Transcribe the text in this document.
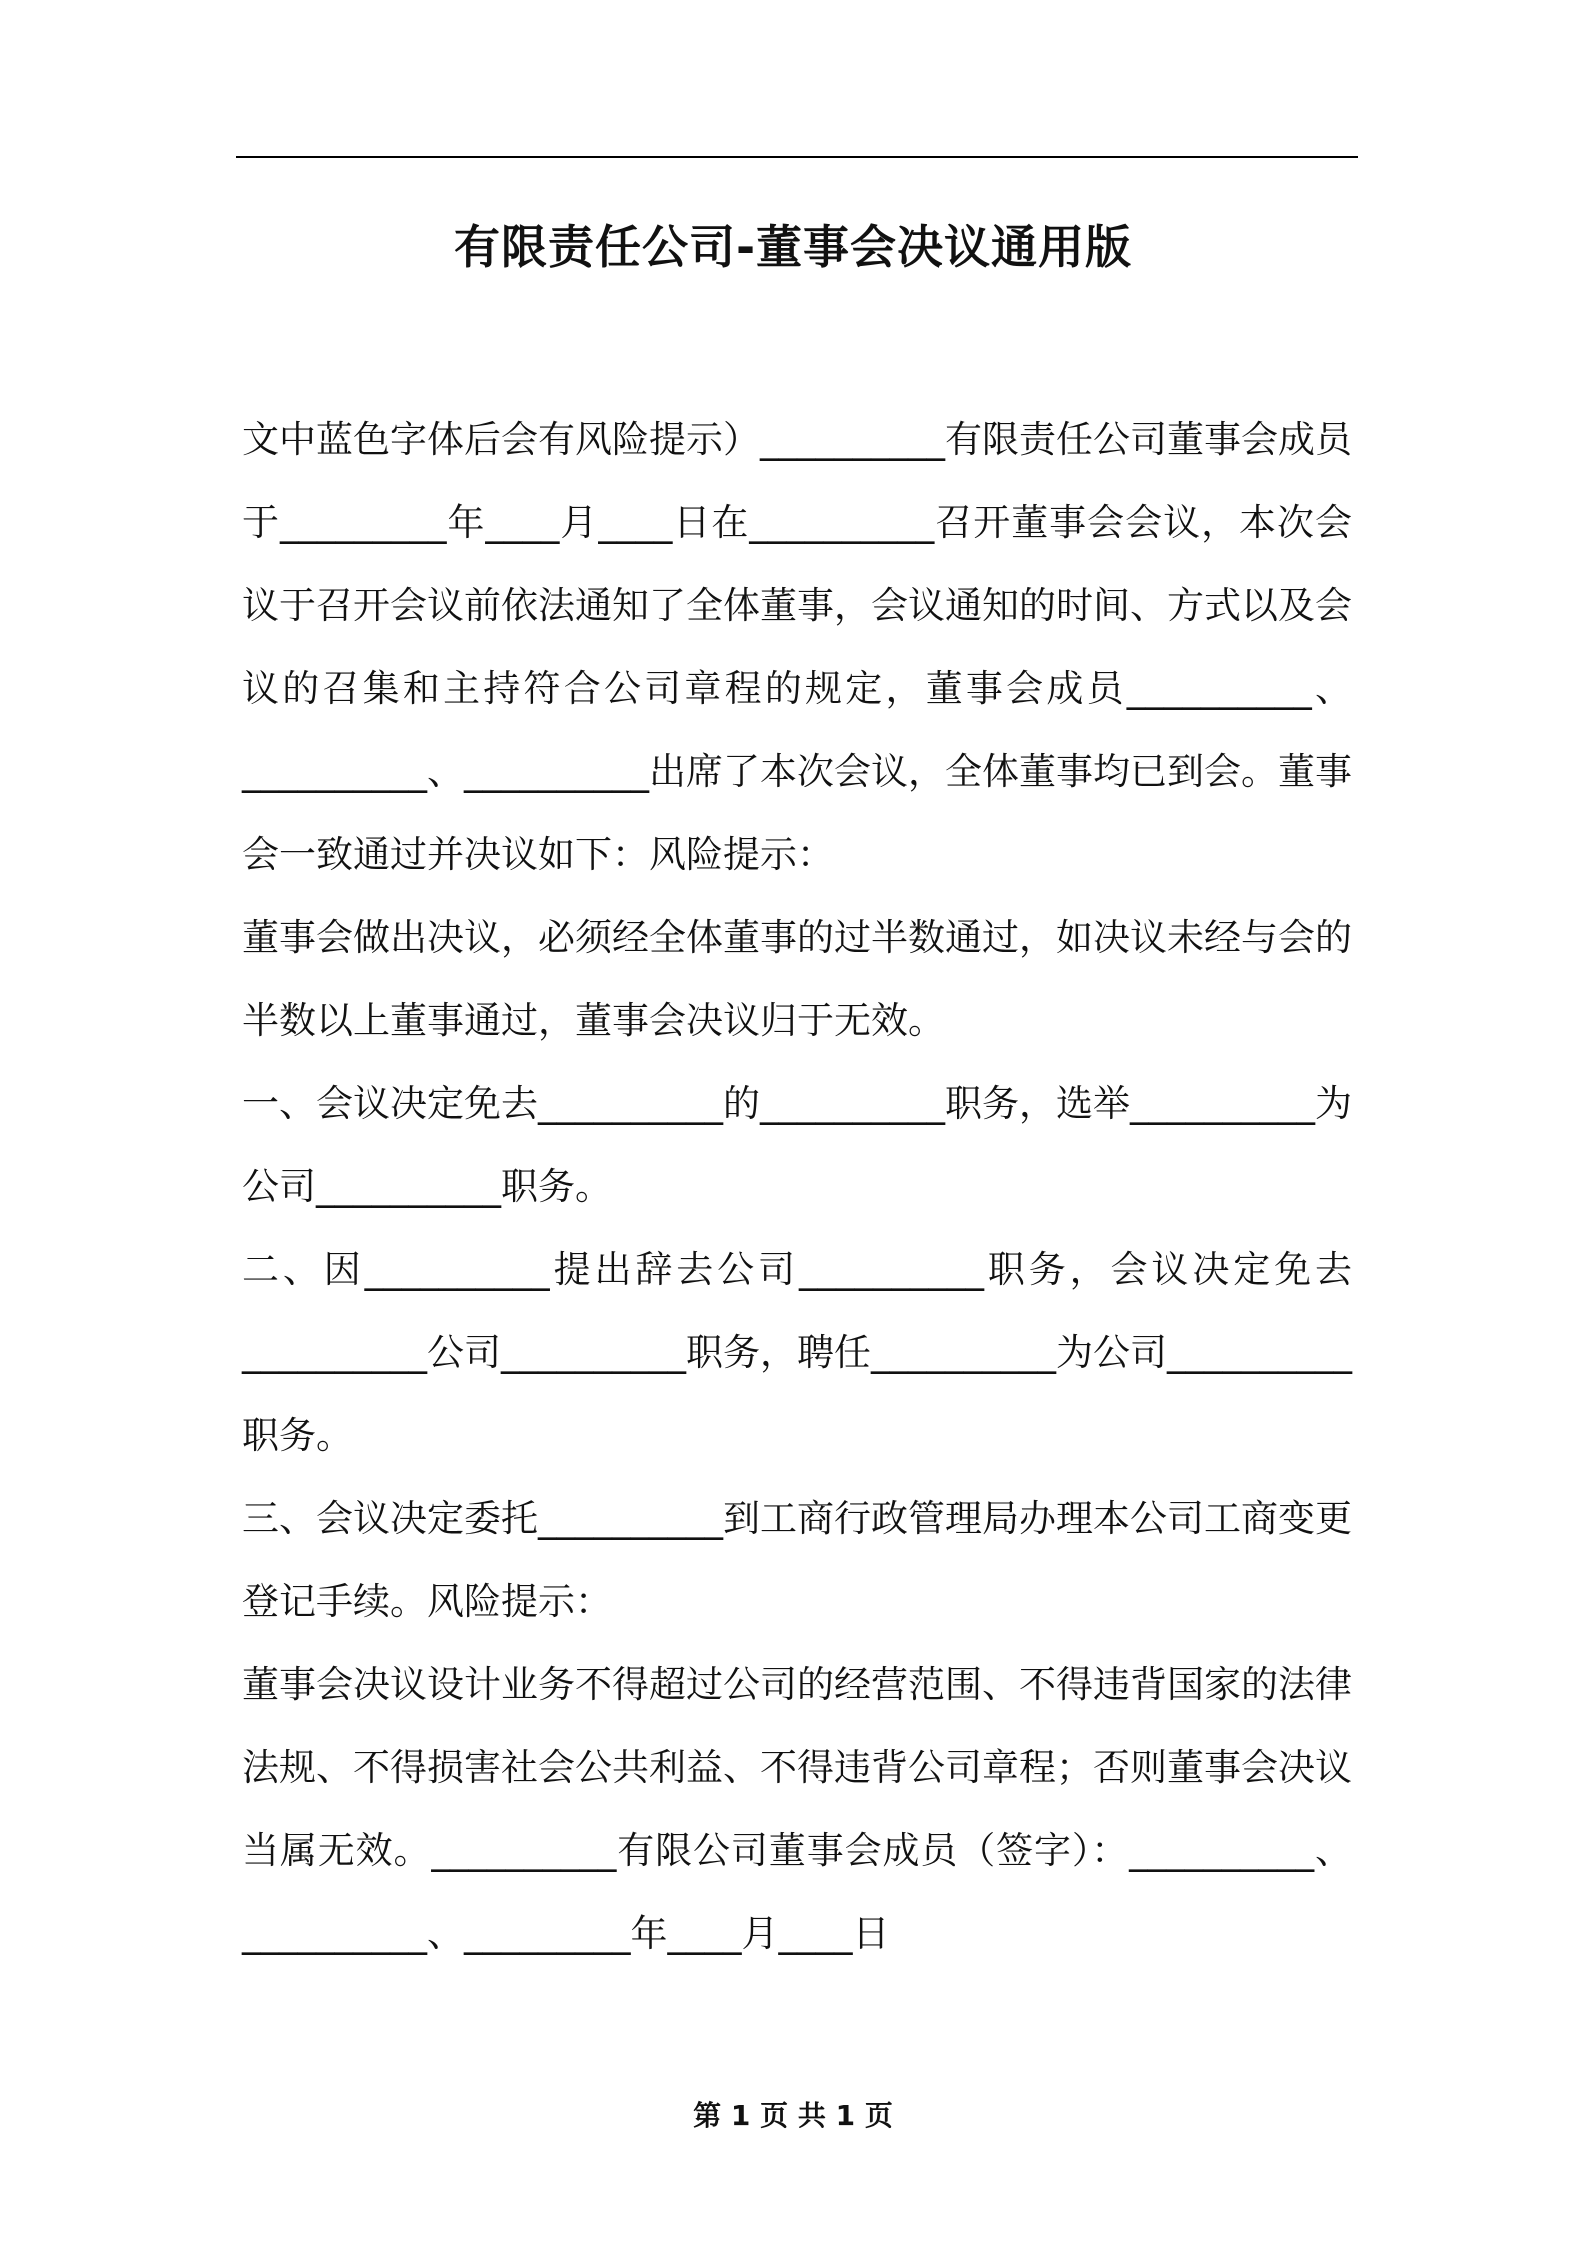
有限责任公司-董事会决议通用版

文中蓝色字体后会有风险提示）__________有限责任公司董事会成员于_________年____月____日在__________召开董事会会议，本次会议于召开会议前依法通知了全体董事，会议通知的时间、方式以及会议的召集和主持符合公司章程的规定，董事会成员__________、__________、__________出席了本次会议，全体董事均已到会。董事会一致通过并决议如下：风险提示：

董事会做出决议，必须经全体董事的过半数通过，如决议未经与会的半数以上董事通过，董事会决议归于无效。

一、会议决定免去__________的__________职务，选举__________为公司__________职务。

二、因__________提出辞去公司__________职务，会议决定免去__________公司__________职务，聘任__________为公司__________职务。

三、会议决定委托__________到工商行政管理局办理本公司工商变更登记手续。风险提示：

董事会决议设计业务不得超过公司的经营范围、不得违背国家的法律法规、不得损害社会公共利益、不得违背公司章程；否则董事会决议当属无效。__________有限公司董事会成员（签字）：__________、__________、_________年____月____日

第 1 页 共 1 页
